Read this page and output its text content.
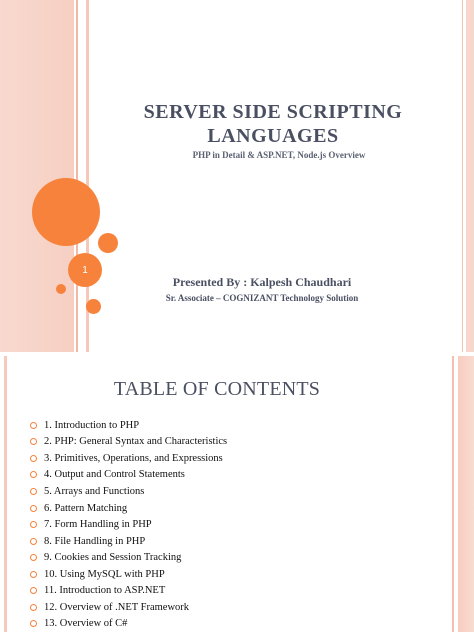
1
SERVER SIDE SCRIPTING
LANGUAGES
PHP in Detail & ASP.NET, Node.js Overview
Presented By : Kalpesh Chaudhari
Sr. Associate – COGNIZANT Technology Solution
TABLE OF CONTENTS
1. Introduction to PHP
2. PHP: General Syntax and Characteristics
3. Primitives, Operations, and Expressions
4. Output and Control Statements
5. Arrays and Functions
6. Pattern Matching
7. Form Handling in PHP
8. File Handling in PHP
9. Cookies and Session Tracking
10. Using MySQL with PHP
11. Introduction to ASP.NET
12. Overview of .NET Framework
13. Overview of C#
